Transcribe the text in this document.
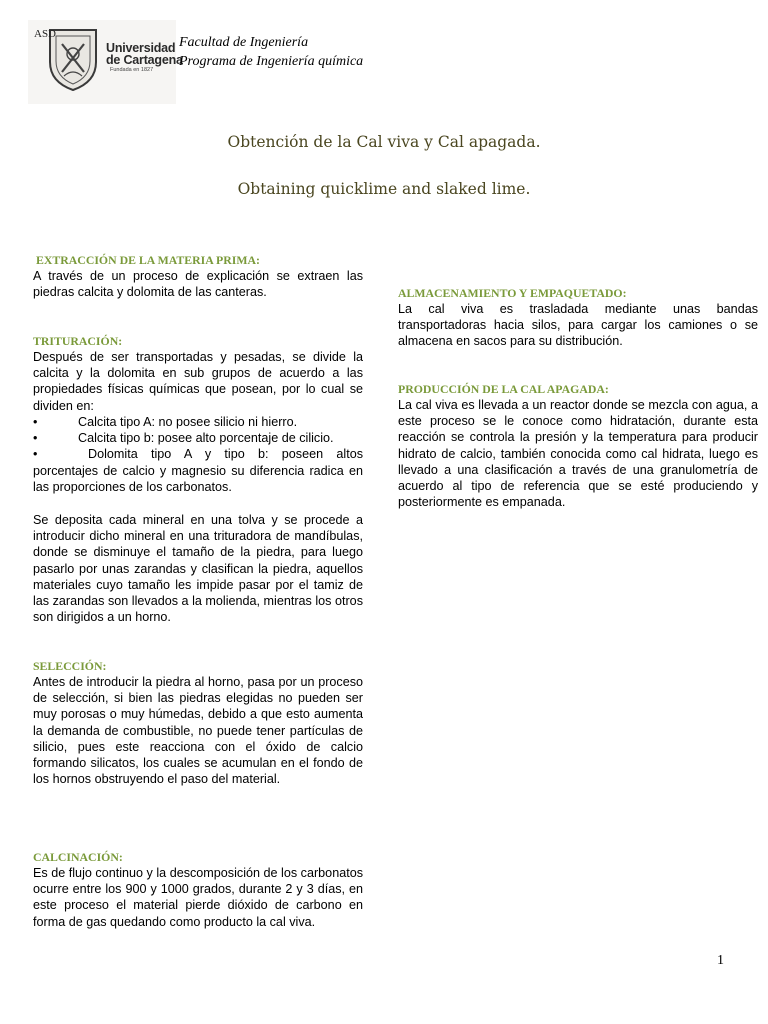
ASD
Universidad
de Cartagena
Fundada en 1827
Facultad de Ingeniería
Programa de Ingeniería química
Obtención de la Cal viva y Cal apagada.
Obtaining quicklime and slaked lime.
EXTRACCIÓN DE LA MATERIA PRIMA:

A través de un proceso de explicación se extraen las piedras calcita y dolomita de las canteras.

TRITURACIÓN:

Después de ser transportadas y pesadas, se divide la calcita y la dolomita en sub grupos de acuerdo a las propiedades físicas químicas que posean, por lo cual se dividen en:

•	Calcita tipo A: no posee silicio ni hierro.
•	Calcita tipo b: posee alto porcentaje de cilicio.
•	Dolomita tipo A y tipo b: poseen altos

porcentajes de calcio y magnesio su diferencia radica en las proporciones de los carbonatos.

Se deposita cada mineral en una tolva y se procede a introducir dicho mineral en una trituradora de mandíbulas, donde se disminuye el tamaño de la piedra, para luego pasarlo por unas zarandas y clasifican la piedra, aquellos materiales cuyo tamaño les impide pasar por el tamiz de las zarandas son llevados a la molienda, mientras los otros son dirigidos a un horno.

SELECCIÓN:

Antes de introducir la piedra al horno, pasa por un proceso de selección, si bien las piedras elegidas no pueden ser muy porosas o muy húmedas, debido a que esto aumenta la demanda de combustible, no puede tener partículas de silicio, pues este reacciona con el óxido de calcio formando silicatos, los cuales se acumulan en el fondo de los hornos obstruyendo el paso del material.

CALCINACIÓN:

Es de flujo continuo y la descomposición de los carbonatos ocurre entre los 900 y 1000 grados, durante 2 y 3 días, en este proceso el material pierde dióxido de carbono en forma de gas quedando como producto la cal viva.

ALMACENAMIENTO Y EMPAQUETADO:

La cal viva es trasladada mediante unas bandas transportadoras hacia silos, para cargar los camiones o se almacena en sacos para su distribución.

PRODUCCIÓN DE LA CAL APAGADA:

La cal viva es llevada a un reactor donde se mezcla con agua, a este proceso se le conoce como hidratación, durante esta reacción se controla la presión y la temperatura para producir hidrato de calcio, también conocida como cal hidrata, luego es llevado a una clasificación a través de una granulometría de acuerdo al tipo de referencia que se esté produciendo y posteriormente es empanada.

1
